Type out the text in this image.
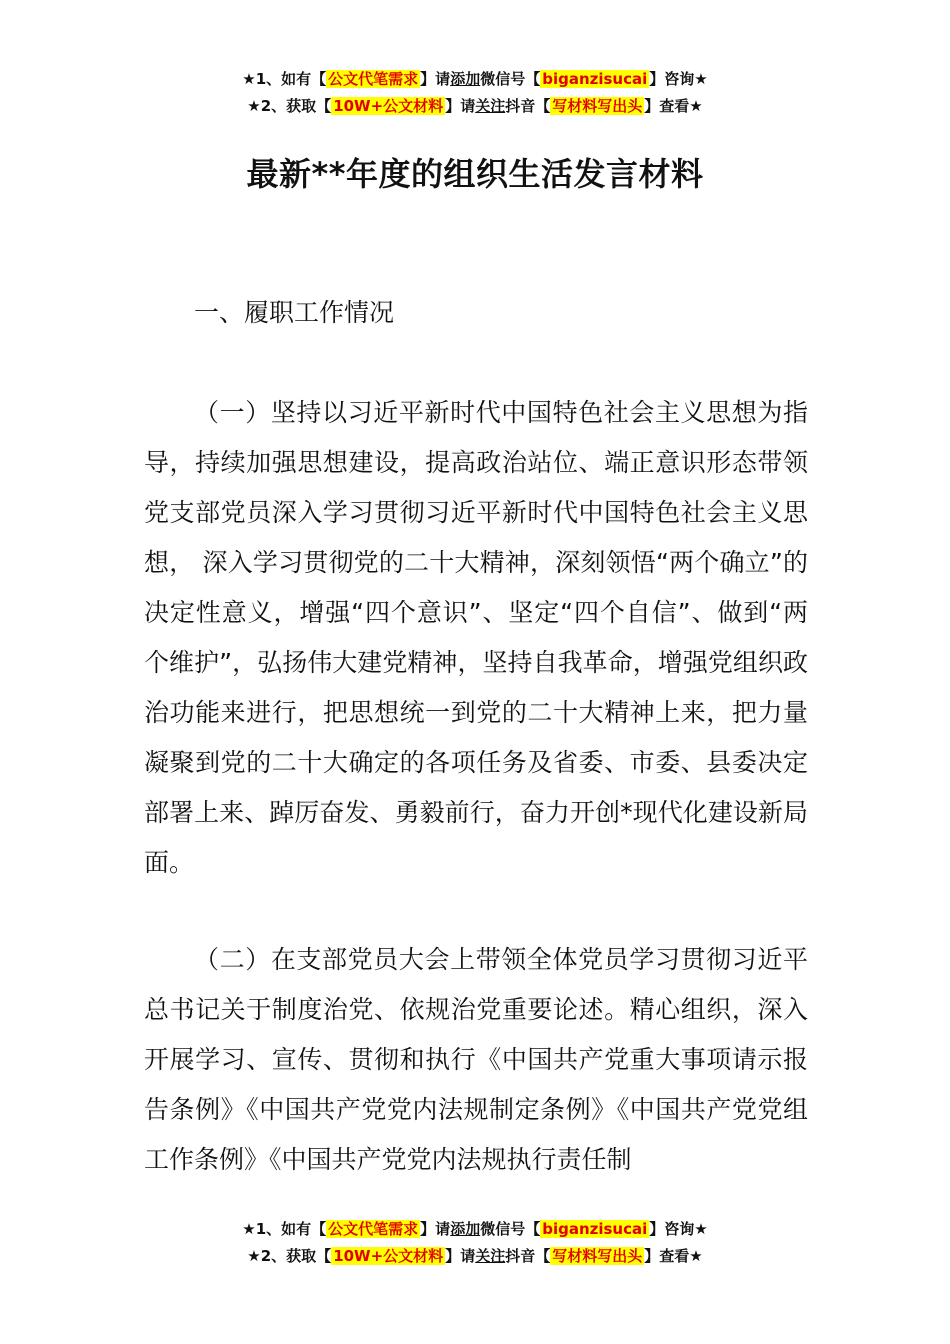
★1、如有【 公文代笔需求 】请添加微信号【 biganzisucai 】咨询★
★2、获取【 10W+公文材料 】请关注抖音【 写材料写出头 】查看★
最新**年度的组织生活发言材料
一、履职工作情况
（一）坚持以习近平新时代中国特色社会主义思想为指导，持续加强思想建设，提高政治站位、端正意识形态带领党支部党员深入学习贯彻习近平新时代中国特色社会主义思想， 深入学习贯彻党的二十大精神，深刻领悟“两个确立”的决定性意义，增强“四个意识”、坚定“四个自信”、做到“两个维护”，弘扬伟大建党精神，坚持自我革命，增强党组织政治功能来进行，把思想统一到党的二十大精神上来，把力量凝聚到党的二十大确定的各项任务及省委、市委、县委决定部署上来、踔厉奋发、勇毅前行，奋力开创*现代化建设新局面。
（二）在支部党员大会上带领全体党员学习贯彻习近平总书记关于制度治党、依规治党重要论述。精心组织，深入开展学习、宣传、贯彻和执行《中国共产党重大事项请示报告条例》《中国共产党党内法规制定条例》《中国共产党党组工作条例》《中国共产党党内法规执行责任制
★1、如有【 公文代笔需求 】请添加微信号【 biganzisucai 】咨询★
★2、获取【 10W+公文材料 】请关注抖音【 写材料写出头 】查看★
